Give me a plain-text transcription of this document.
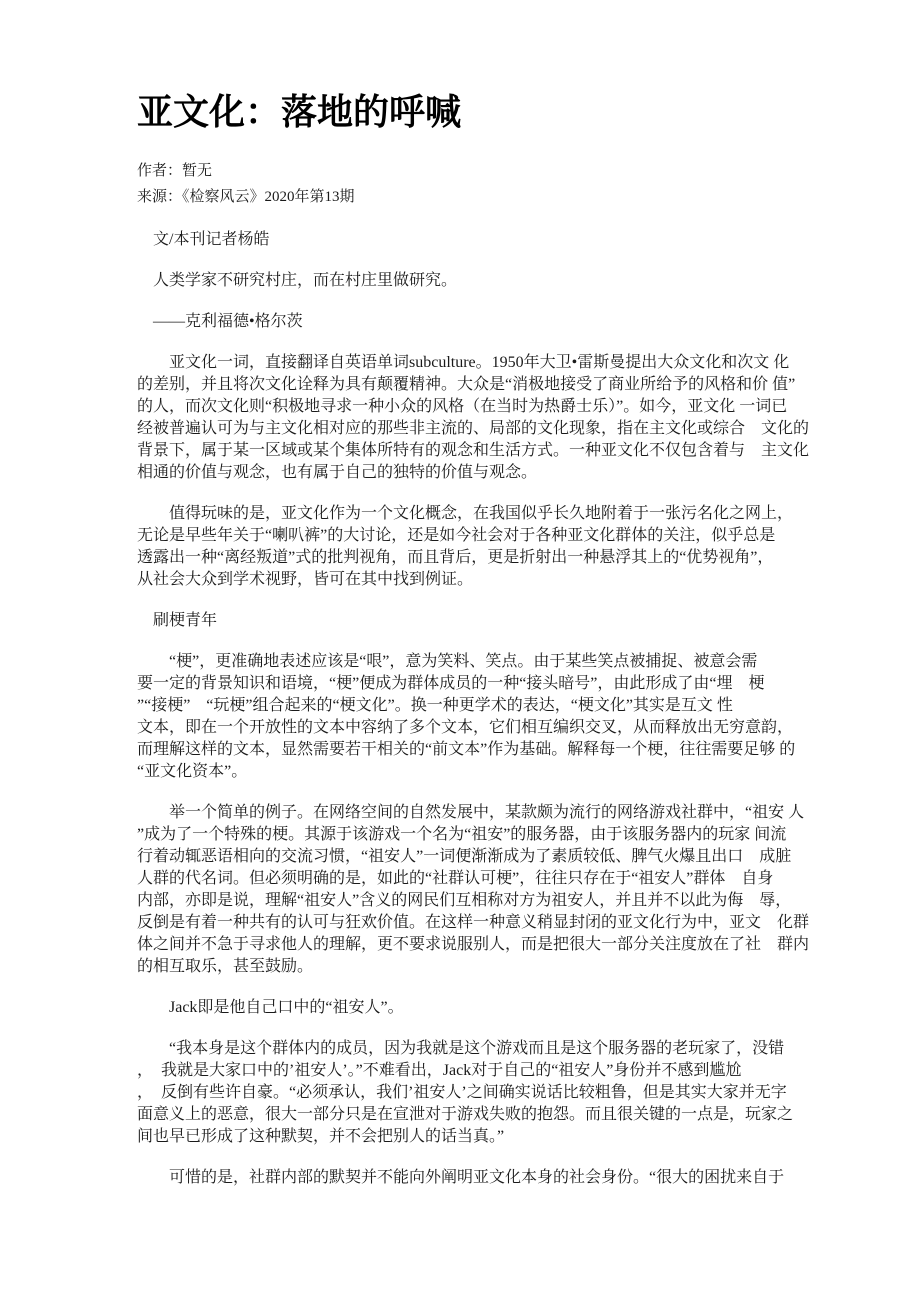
亚文化：落地的呼喊
作者：暂无
来源：《检察风云》2020年第13期
　文/本刊记者杨皓
　人类学家不研究村庄，而在村庄里做研究。
　——克利福德•格尔茨
　　亚文化一词，直接翻译自英语单词subculture。1950年大卫•雷斯曼提出大众文化和次文 化
的差别，并且将次文化诠释为具有颠覆精神。大众是“消极地接受了商业所给予的风格和价 值”
的人，而次文化则“积极地寻求一种小众的风格（在当时为热爵士乐）”。如今，亚文化 一词已
经被普遍认可为与主文化相对应的那些非主流的、局部的文化现象，指在主文化或综合　文化的
背景下，属于某一区域或某个集体所特有的观念和生活方式。一种亚文化不仅包含着与　主文化
相通的价值与观念，也有属于自己的独特的价值与观念。
　　值得玩味的是，亚文化作为一个文化概念，在我国似乎长久地附着于一张污名化之网上，
无论是早些年关于“喇叭裤”的大讨论，还是如今社会对于各种亚文化群体的关注，似乎总是
透露出一种“离经叛道”式的批判视角，而且背后，更是折射出一种悬浮其上的“优势视角”，
从社会大众到学术视野，皆可在其中找到例证。
　刷梗青年
　　“梗”，更准确地表述应该是“哏”，意为笑料、笑点。由于某些笑点被捕捉、被意会需
要一定的背景知识和语境，“梗”便成为群体成员的一种“接头暗号”，由此形成了由“埋　梗
”“接梗”　“玩梗”组合起来的“梗文化”。换一种更学术的表达，“梗文化”其实是互文 性
文本，即在一个开放性的文本中容纳了多个文本，它们相互编织交叉，从而释放出无穷意韵，
而理解这样的文本，显然需要若干相关的“前文本”作为基础。解释每一个梗，往往需要足够 的
“亚文化资本”。
　　举一个简单的例子。在网络空间的自然发展中，某款颇为流行的网络游戏社群中，“祖安 人
”成为了一个特殊的梗。其源于该游戏一个名为“祖安”的服务器，由于该服务器内的玩家 间流
行着动辄恶语相向的交流习惯，“祖安人”一词便渐渐成为了素质较低、脾气火爆且出口　成脏
人群的代名词。但必须明确的是，如此的“社群认可梗”，往往只存在于“祖安人”群体　自身
内部，亦即是说，理解“祖安人”含义的网民们互相称对方为祖安人，并且并不以此为侮　辱，
反倒是有着一种共有的认可与狂欢价值。在这样一种意义稍显封闭的亚文化行为中，亚文　化群
体之间并不急于寻求他人的理解，更不要求说服别人，而是把很大一部分关注度放在了社　群内
的相互取乐，甚至鼓励。
　　Jack即是他自己口中的“祖安人”。
　　“我本身是这个群体内的成员，因为我就是这个游戏而且是这个服务器的老玩家了，没错
，　我就是大家口中的’祖安人’。”不难看出，Jack对于自己的“祖安人”身份并不感到尴尬
，　反倒有些许自豪。“必须承认，我们’祖安人’之间确实说话比较粗鲁，但是其实大家并无字
面意义上的恶意，很大一部分只是在宣泄对于游戏失败的抱怨。而且很关键的一点是，玩家之
间也早已形成了这种默契，并不会把别人的话当真。”
　　可惜的是，社群内部的默契并不能向外阐明亚文化本身的社会身份。“很大的困扰来自于
